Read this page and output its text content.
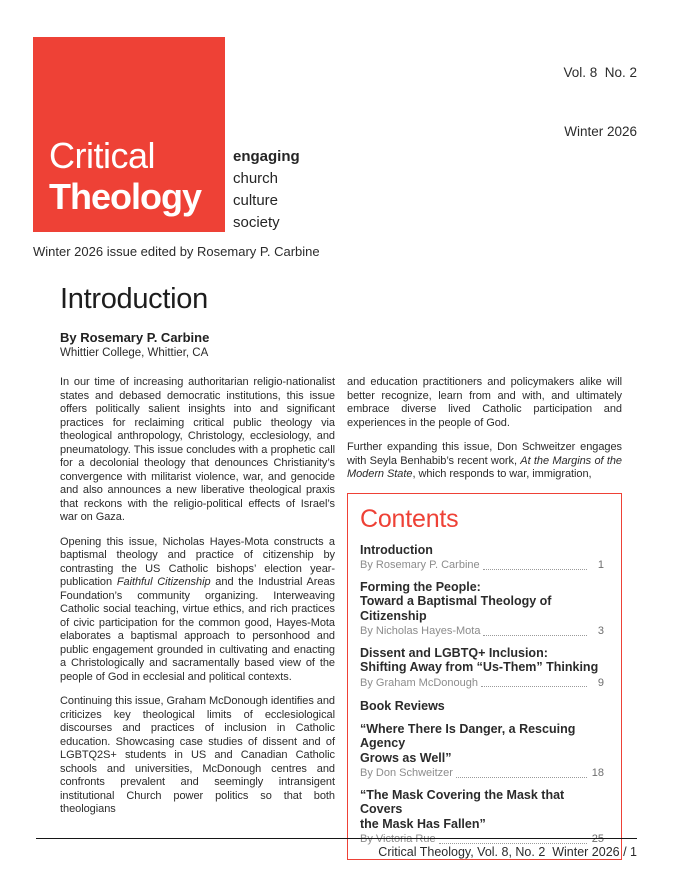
Vol. 8  No. 2

Winter 2026

Critical
Theology
engaging
church
culture
society
Winter 2026 issue edited by Rosemary P. Carbine
Introduction
By Rosemary P. Carbine
Whittier College, Whittier, CA

In our time of increasing authoritarian religio-nationalist states and debased democratic institutions, this issue offers politically salient insights into and significant practices for reclaiming critical public theology via theological anthropology, Christology, ecclesiology, and pneumatology. This issue concludes with a prophetic call for a decolonial theology that denounces Christianity’s convergence with militarist violence, war, and genocide and also announces a new liberative theological praxis that reckons with the religio-political effects of Israel’s war on Gaza.

Opening this issue, Nicholas Hayes-Mota constructs a baptismal theology and practice of citizenship by contrasting the US Catholic bishops’ election year-publication Faithful Citizenship and the Industrial Areas Foundation’s community organizing. Interweaving Catholic social teaching, virtue ethics, and rich practices of civic participation for the common good, Hayes-Mota elaborates a baptismal approach to personhood and public engagement grounded in cultivating and enacting a Christologically and sacramentally based view of the people of God in ecclesial and political contexts.

Continuing this issue, Graham McDonough identifies and criticizes key theological limits of ecclesiological discourses and practices of inclusion in Catholic education. Showcasing case studies of dissent and of LGBTQ2S+ students in US and Canadian Catholic schools and universities, McDonough centres and confronts prevalent and seemingly intransigent institutional Church power politics so that both theologians

and education practitioners and policymakers alike will better recognize, learn from and with, and ultimately embrace diverse lived Catholic participation and experiences in the people of God.

Further expanding this issue, Don Schweitzer engages with Seyla Benhabib’s recent work, At the Margins of the Modern State, which responds to war, immigration,

Contents
Introduction
By Rosemary P. Carbine	1
Forming the People:
Toward a Baptismal Theology of Citizenship
By Nicholas Hayes-Mota	3
Dissent and LGBTQ+ Inclusion:
Shifting Away from “Us-Them” Thinking
By Graham McDonough	9
Book Reviews
“Where There Is Danger, a Rescuing Agency
Grows as Well”
By Don Schweitzer	18
“The Mask Covering the Mask that Covers
the Mask Has Fallen”
By Victoria Rue	25
Critical Theology, Vol. 8, No. 2  Winter 2026 / 1
